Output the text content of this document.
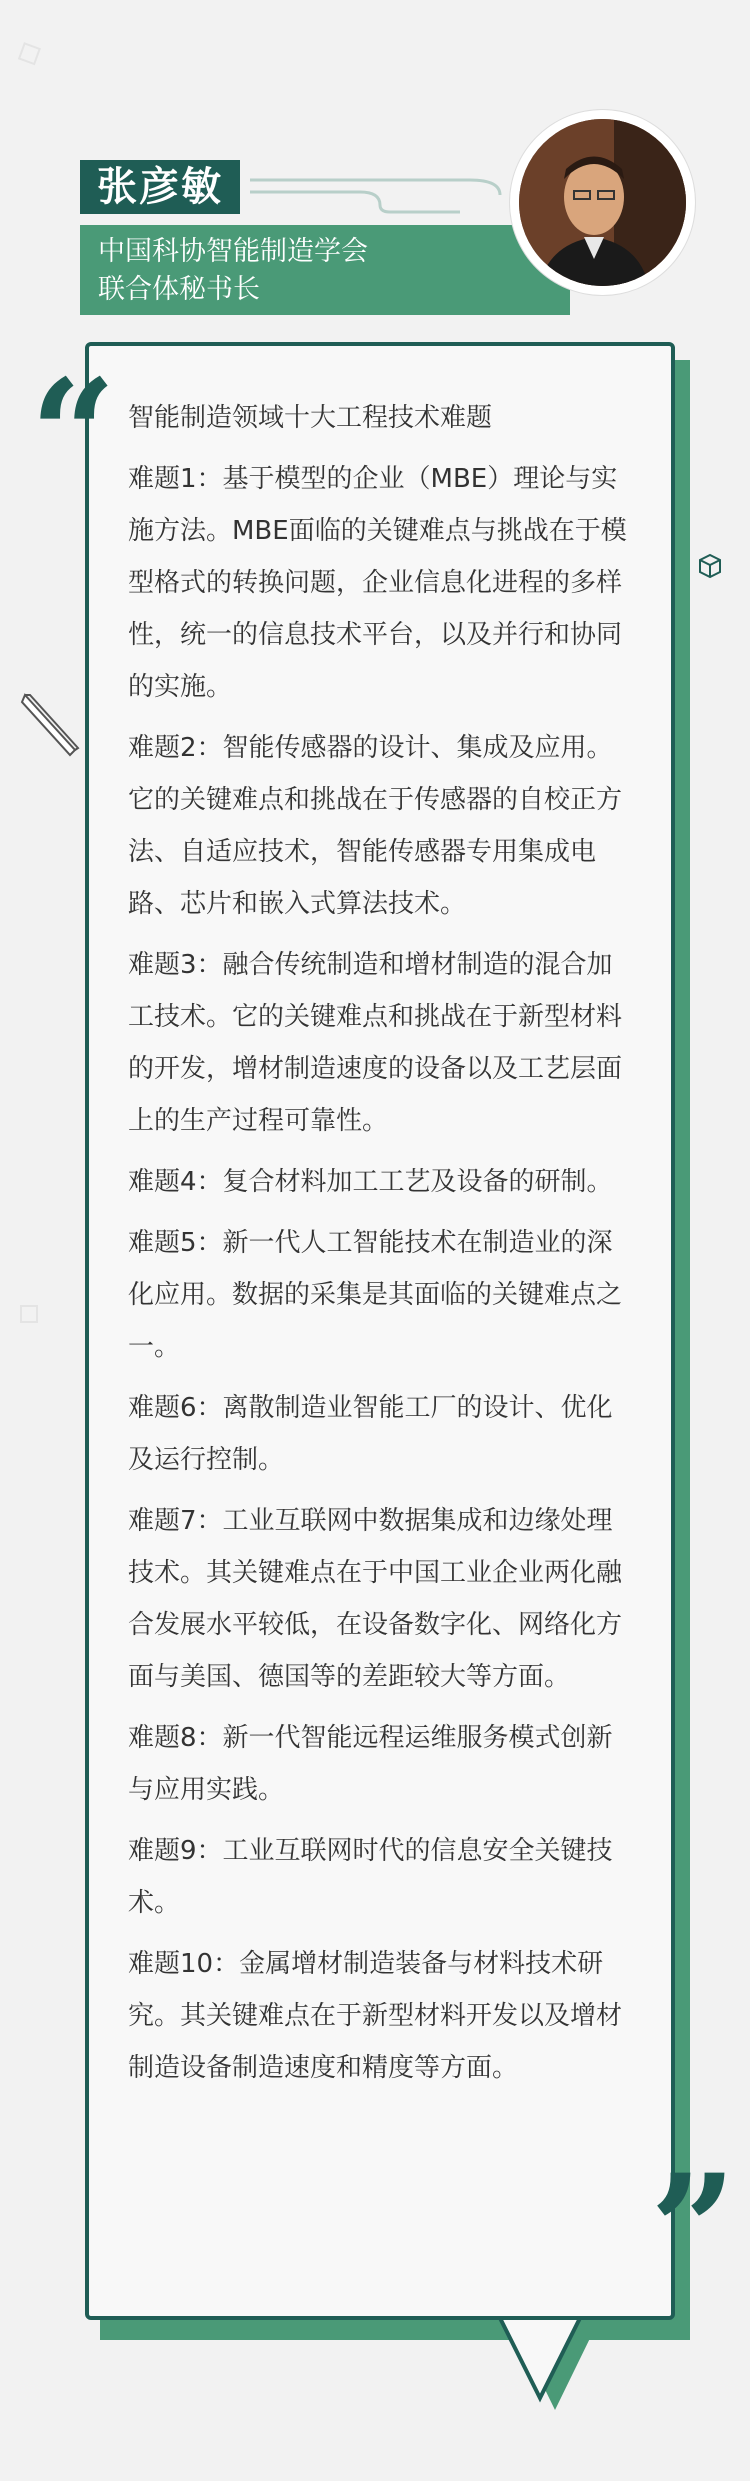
张彦敏
中国科协智能制造学会
联合体秘书长
“
”

智能制造领域十大工程技术难题

难题1：基于模型的企业（MBE）理论与实施方法。MBE面临的关键难点与挑战在于模型格式的转换问题，企业信息化进程的多样性，统一的信息技术平台，以及并行和协同的实施。

难题2：智能传感器的设计、集成及应用。它的关键难点和挑战在于传感器的自校正方法、自适应技术，智能传感器专用集成电路、芯片和嵌入式算法技术。

难题3：融合传统制造和增材制造的混合加工技术。它的关键难点和挑战在于新型材料的开发，增材制造速度的设备以及工艺层面上的生产过程可靠性。

难题4：复合材料加工工艺及设备的研制。

难题5：新一代人工智能技术在制造业的深化应用。数据的采集是其面临的关键难点之一。

难题6：离散制造业智能工厂的设计、优化及运行控制。

难题7：工业互联网中数据集成和边缘处理技术。其关键难点在于中国工业企业两化融合发展水平较低，在设备数字化、网络化方面与美国、德国等的差距较大等方面。

难题8：新一代智能远程运维服务模式创新与应用实践。

难题9：工业互联网时代的信息安全关键技术。

难题10：金属增材制造装备与材料技术研究。其关键难点在于新型材料开发以及增材制造设备制造速度和精度等方面。
